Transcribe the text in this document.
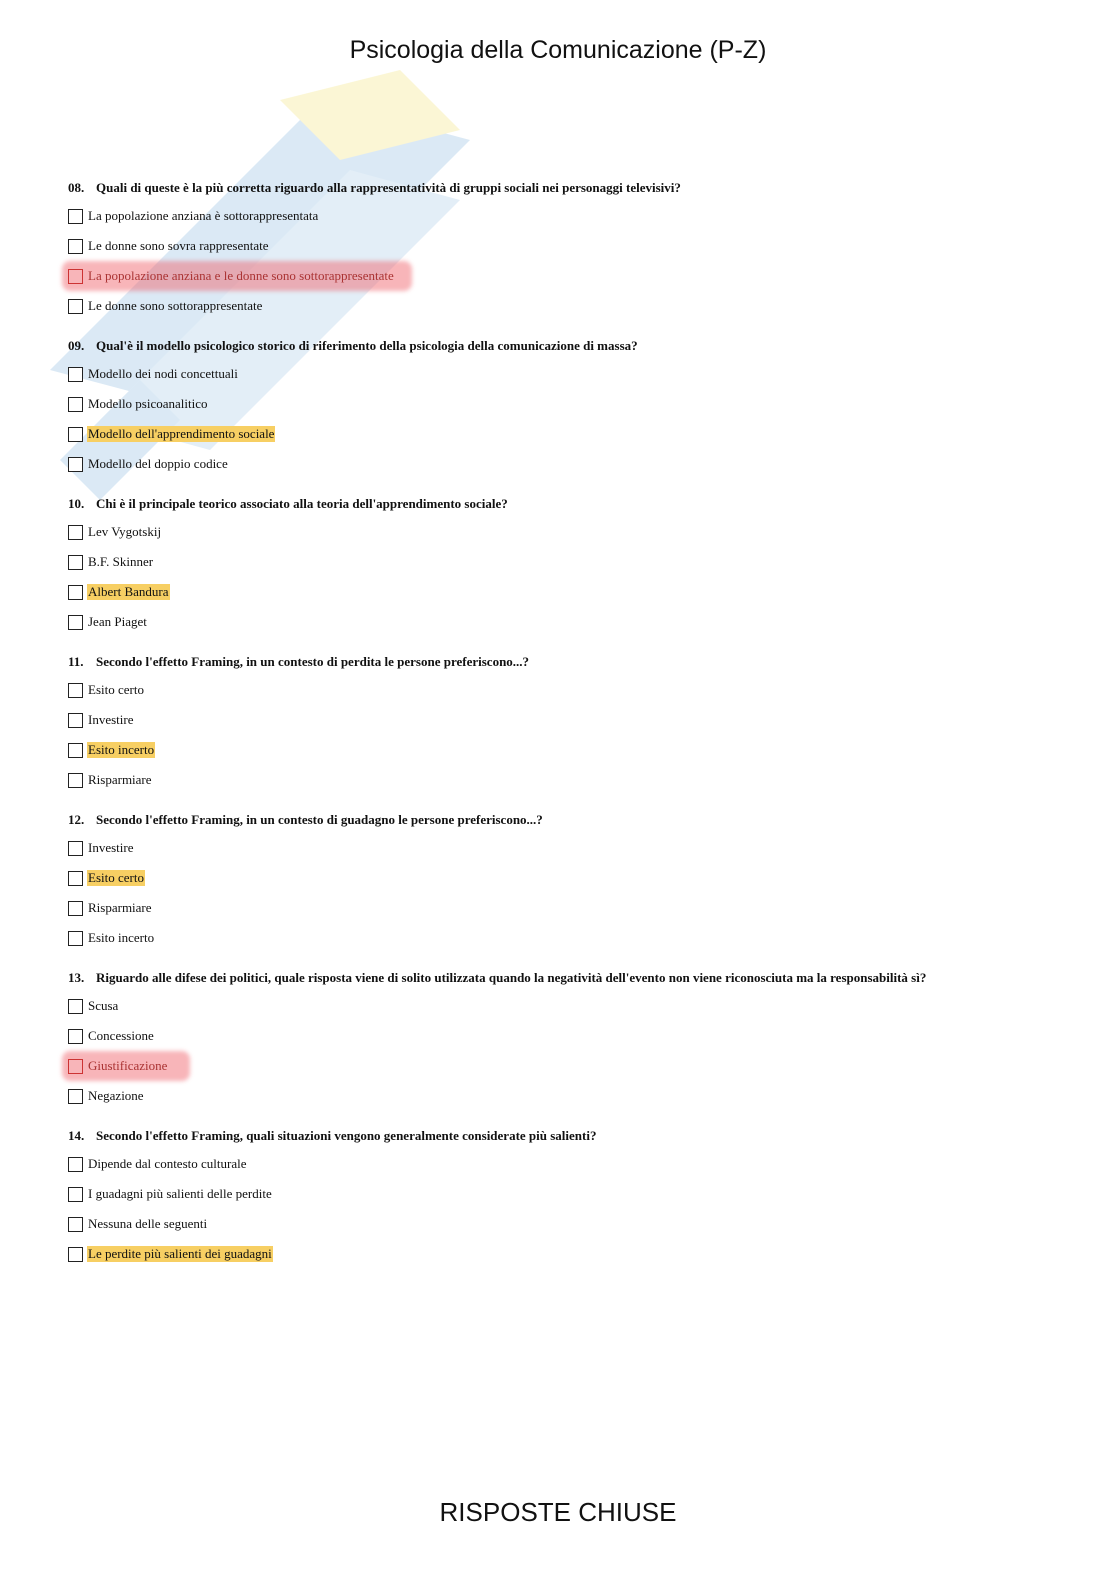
Psicologia della Comunicazione (P-Z)
08. Quali di queste è la più corretta riguardo alla rappresentatività di gruppi sociali nei personaggi televisivi?
La popolazione anziana è sottorappresentata
Le donne sono sovra rappresentate
La popolazione anziana e le donne sono sottorappresentate
Le donne sono sottorappresentate
09. Qual'è il modello psicologico storico di riferimento della psicologia della comunicazione di massa?
Modello dei nodi concettuali
Modello psicoanalitico
Modello dell'apprendimento sociale
Modello del doppio codice
10. Chi è il principale teorico associato alla teoria dell'apprendimento sociale?
Lev Vygotskij
B.F. Skinner
Albert Bandura
Jean Piaget
11. Secondo l'effetto Framing, in un contesto di perdita le persone preferiscono...?
Esito certo
Investire
Esito incerto
Risparmiare
12. Secondo l'effetto Framing, in un contesto di guadagno le persone preferiscono...?
Investire
Esito certo
Risparmiare
Esito incerto
13. Riguardo alle difese dei politici, quale risposta viene di solito utilizzata quando la negatività dell'evento non viene riconosciuta ma la responsabilità sì?
Scusa
Concessione
Giustificazione
Negazione
14. Secondo l'effetto Framing, quali situazioni vengono generalmente considerate più salienti?
Dipende dal contesto culturale
I guadagni più salienti delle perdite
Nessuna delle seguenti
Le perdite più salienti dei guadagni
RISPOSTE CHIUSE
